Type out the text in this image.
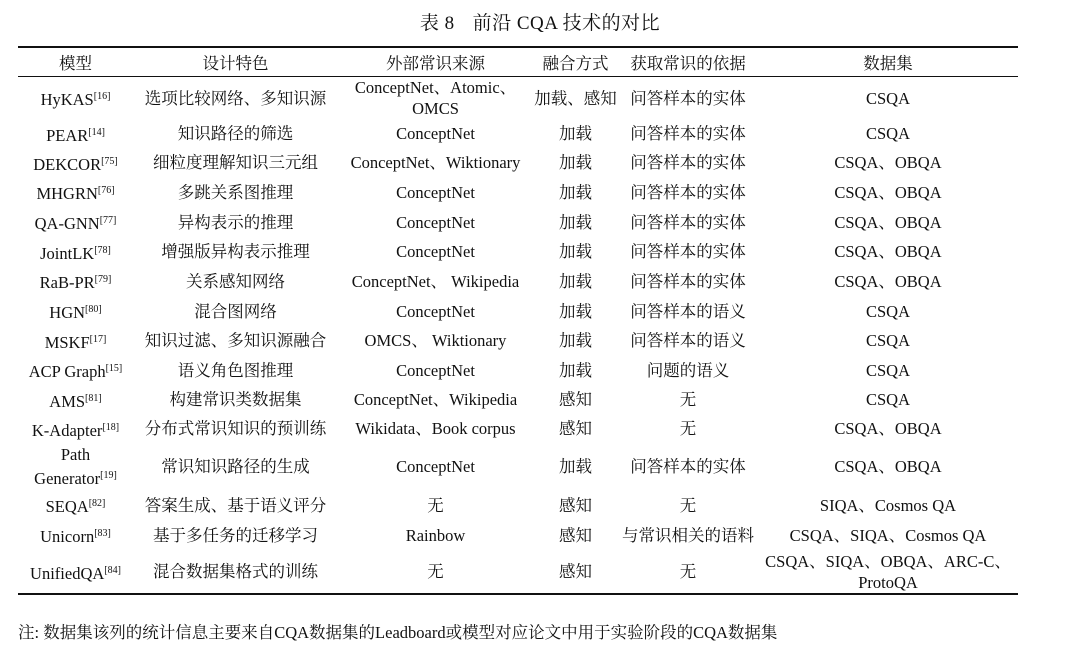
表 8 前沿 CQA 技术的对比
模型	设计特色	外部常识来源	融合方式	获取常识的依据	数据集
HyKAS[16]	选项比较网络、多知识源	ConceptNet、Atomic、OMCS	加载、感知	问答样本的实体	CSQA
PEAR[14]	知识路径的筛选	ConceptNet	加载	问答样本的实体	CSQA
DEKCOR[75]	细粒度理解知识三元组	ConceptNet、Wiktionary	加载	问答样本的实体	CSQA、OBQA
MHGRN[76]	多跳关系图推理	ConceptNet	加载	问答样本的实体	CSQA、OBQA
QA-GNN[77]	异构表示的推理	ConceptNet	加载	问答样本的实体	CSQA、OBQA
JointLK[78]	增强版异构表示推理	ConceptNet	加载	问答样本的实体	CSQA、OBQA
RaB-PR[79]	关系感知网络	ConceptNet、 Wikipedia	加载	问答样本的实体	CSQA、OBQA
HGN[80]	混合图网络	ConceptNet	加载	问答样本的语义	CSQA
MSKF[17]	知识过滤、多知识源融合	OMCS、 Wiktionary	加载	问答样本的语义	CSQA
ACP Graph[15]	语义角色图推理	ConceptNet	加载	问题的语义	CSQA
AMS[81]	构建常识类数据集	ConceptNet、Wikipedia	感知	无	CSQA
K-Adapter[18]	分布式常识知识的预训练	Wikidata、Book corpus	感知	无	CSQA、OBQA
Path Generator[19]	常识知识路径的生成	ConceptNet	加载	问答样本的实体	CSQA、OBQA
SEQA[82]	答案生成、基于语义评分	无	感知	无	SIQA、Cosmos QA
Unicorn[83]	基于多任务的迁移学习	Rainbow	感知	与常识相关的语料	CSQA、SIQA、Cosmos QA
UnifiedQA[84]	混合数据集格式的训练	无	感知	无	CSQA、SIQA、OBQA、ARC-C、ProtoQA
注: 数据集该列的统计信息主要来自CQA数据集的Leadboard或模型对应论文中用于实验阶段的CQA数据集
